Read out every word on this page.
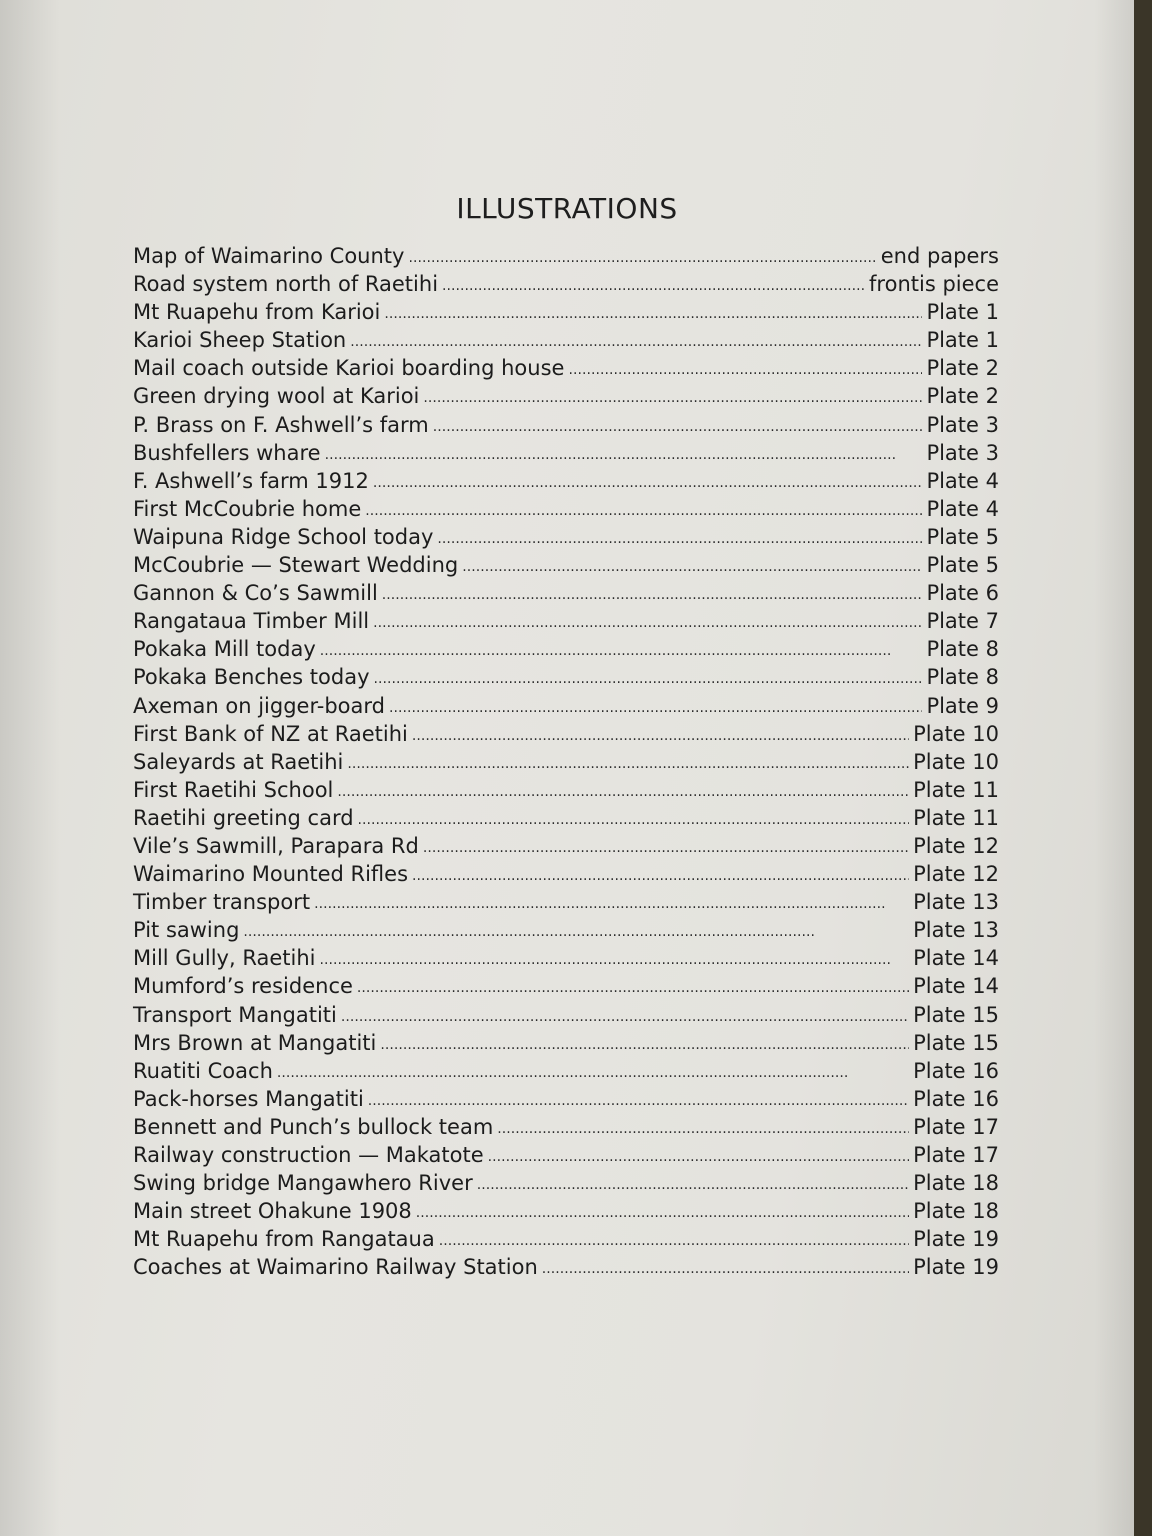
ILLUSTRATIONS
Map of Waimarino County . . .	end papers
Road system north of Raetihi . . .	frontis piece
Mt Ruapehu from Karioi . . .	Plate 1
Karioi Sheep Station . . .	Plate 1
Mail coach outside Karioi boarding house . . .	Plate 2
Green drying wool at Karioi . . .	Plate 2
P. Brass on F. Ashwell’s farm . . .	Plate 3
Bushfellers whare . . .	Plate 3
F. Ashwell’s farm 1912 . . .	Plate 4
First McCoubrie home . . .	Plate 4
Waipuna Ridge School today . . .	Plate 5
McCoubrie — Stewart Wedding . . .	Plate 5
Gannon & Co’s Sawmill . . .	Plate 6
Rangataua Timber Mill . . .	Plate 7
Pokaka Mill today . . .	Plate 8
Pokaka Benches today . . .	Plate 8
Axeman on jigger-board . . .	Plate 9
First Bank of NZ at Raetihi . . .	Plate 10
Saleyards at Raetihi . . .	Plate 10
First Raetihi School . . .	Plate 11
Raetihi greeting card . . .	Plate 11
Vile’s Sawmill, Parapara Rd . . .	Plate 12
Waimarino Mounted Rifles . . .	Plate 12
Timber transport . . .	Plate 13
Pit sawing . . .	Plate 13
Mill Gully, Raetihi . . .	Plate 14
Mumford’s residence . . .	Plate 14
Transport Mangatiti . . .	Plate 15
Mrs Brown at Mangatiti . . .	Plate 15
Ruatiti Coach . . .	Plate 16
Pack-horses Mangatiti . . .	Plate 16
Bennett and Punch’s bullock team . . .	Plate 17
Railway construction — Makatote . . .	Plate 17
Swing bridge Mangawhero River . . .	Plate 18
Main street Ohakune 1908 . . .	Plate 18
Mt Ruapehu from Rangataua . . .	Plate 19
Coaches at Waimarino Railway Station . . .	Plate 19
